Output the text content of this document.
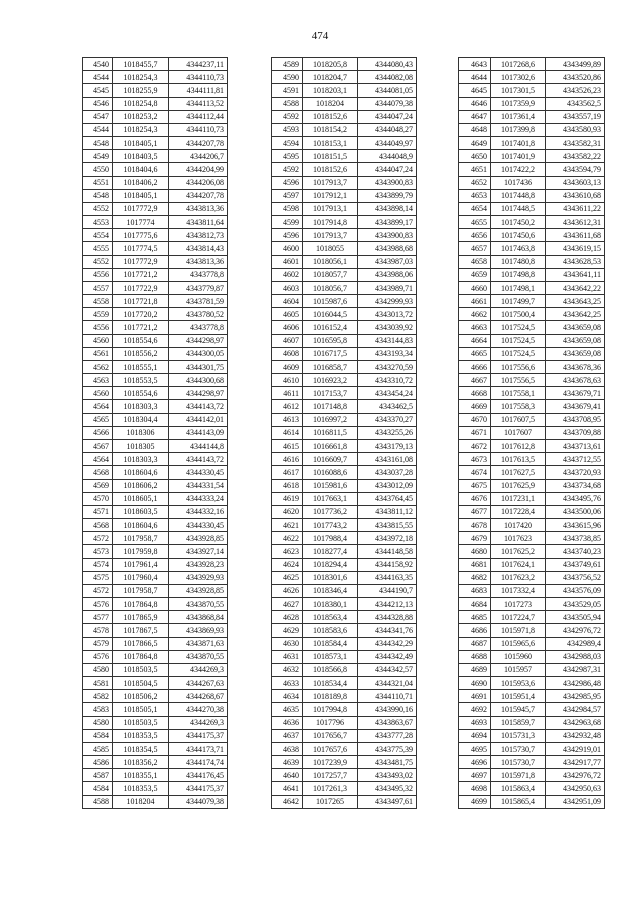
474
4540	1018455,7	4344237,11
4544	1018254,3	4344110,73
4545	1018255,9	4344111,81
4546	1018254,8	4344113,52
4547	1018253,2	4344112,44
4544	1018254,3	4344110,73
4548	1018405,1	4344207,78
4549	1018403,5	4344206,7
4550	1018404,6	4344204,99
4551	1018406,2	4344206,08
4548	1018405,1	4344207,78
4552	1017772,9	4343813,36
4553	1017774	4343811,64
4554	1017775,6	4343812,73
4555	1017774,5	4343814,43
4552	1017772,9	4343813,36
4556	1017721,2	4343778,8
4557	1017722,9	4343779,87
4558	1017721,8	4343781,59
4559	1017720,2	4343780,52
4556	1017721,2	4343778,8
4560	1018554,6	4344298,97
4561	1018556,2	4344300,05
4562	1018555,1	4344301,75
4563	1018553,5	4344300,68
4560	1018554,6	4344298,97
4564	1018303,3	4344143,72
4565	1018304,4	4344142,01
4566	1018306	4344143,09
4567	1018305	4344144,8
4564	1018303,3	4344143,72
4568	1018604,6	4344330,45
4569	1018606,2	4344331,54
4570	1018605,1	4344333,24
4571	1018603,5	4344332,16
4568	1018604,6	4344330,45
4572	1017958,7	4343928,85
4573	1017959,8	4343927,14
4574	1017961,4	4343928,23
4575	1017960,4	4343929,93
4572	1017958,7	4343928,85
4576	1017864,8	4343870,55
4577	1017865,9	4343868,84
4578	1017867,5	4343869,93
4579	1017866,5	4343871,63
4576	1017864,8	4343870,55
4580	1018503,5	4344269,3
4581	1018504,5	4344267,63
4582	1018506,2	4344268,67
4583	1018505,1	4344270,38
4580	1018503,5	4344269,3
4584	1018353,5	4344175,37
4585	1018354,5	4344173,71
4586	1018356,2	4344174,74
4587	1018355,1	4344176,45
4584	1018353,5	4344175,37
4588	1018204	4344079,38
4589	1018205,8	4344080,43
4590	1018204,7	4344082,08
4591	1018203,1	4344081,05
4588	1018204	4344079,38
4592	1018152,6	4344047,24
4593	1018154,2	4344048,27
4594	1018153,1	4344049,97
4595	1018151,5	4344048,9
4592	1018152,6	4344047,24
4596	1017913,7	4343900,83
4597	1017912,1	4343899,79
4598	1017913,1	4343898,14
4599	1017914,8	4343899,17
4596	1017913,7	4343900,83
4600	1018055	4343988,68
4601	1018056,1	4343987,03
4602	1018057,7	4343988,06
4603	1018056,7	4343989,71
4604	1015987,6	4342999,93
4605	1016044,5	4343013,72
4606	1016152,4	4343039,92
4607	1016595,8	4343144,83
4608	1016717,5	4343193,34
4609	1016858,7	4343270,59
4610	1016923,2	4343310,72
4611	1017153,7	4343454,24
4612	1017148,8	4343462,5
4613	1016997,2	4343370,27
4614	1016811,5	4343255,26
4615	1016661,8	4343179,13
4616	1016609,7	4343161,08
4617	1016088,6	4343037,28
4618	1015981,6	4343012,09
4619	1017663,1	4343764,45
4620	1017736,2	4343811,12
4621	1017743,2	4343815,55
4622	1017988,4	4343972,18
4623	1018277,4	4344148,58
4624	1018294,4	4344158,92
4625	1018301,6	4344163,35
4626	1018346,4	4344190,7
4627	1018380,1	4344212,13
4628	1018563,4	4344328,88
4629	1018583,6	4344341,76
4630	1018584,4	4344342,29
4631	1018573,1	4344342,49
4632	1018566,8	4344342,57
4633	1018534,4	4344321,04
4634	1018189,8	4344110,71
4635	1017994,8	4343990,16
4636	1017796	4343863,67
4637	1017656,7	4343777,28
4638	1017657,6	4343775,39
4639	1017239,9	4343481,75
4640	1017257,7	4343493,02
4641	1017261,3	4343495,32
4642	1017265	4343497,61
4643	1017268,6	4343499,89
4644	1017302,6	4343520,86
4645	1017301,5	4343526,23
4646	1017359,9	4343562,5
4647	1017361,4	4343557,19
4648	1017399,8	4343580,93
4649	1017401,8	4343582,31
4650	1017401,9	4343582,22
4651	1017422,2	4343594,79
4652	1017436	4343603,13
4653	1017448,8	4343610,68
4654	1017448,5	4343611,22
4655	1017450,2	4343612,31
4656	1017450,6	4343611,68
4657	1017463,8	4343619,15
4658	1017480,8	4343628,53
4659	1017498,8	4343641,11
4660	1017498,1	4343642,22
4661	1017499,7	4343643,25
4662	1017500,4	4343642,25
4663	1017524,5	4343659,08
4664	1017524,5	4343659,08
4665	1017524,5	4343659,08
4666	1017556,6	4343678,36
4667	1017556,5	4343678,63
4668	1017558,1	4343679,71
4669	1017558,3	4343679,41
4670	1017607,5	4343708,95
4671	1017607	4343709,88
4672	1017612,8	4343713,61
4673	1017613,5	4343712,55
4674	1017627,5	4343720,93
4675	1017625,9	4343734,68
4676	1017231,1	4343495,76
4677	1017228,4	4343500,06
4678	1017420	4343615,96
4679	1017623	4343738,85
4680	1017625,2	4343740,23
4681	1017624,1	4343749,61
4682	1017623,2	4343756,52
4683	1017332,4	4343576,09
4684	1017273	4343529,05
4685	1017224,7	4343505,94
4686	1015971,8	4342976,72
4687	1015965,6	4342989,4
4688	1015960	4342988,03
4689	1015957	4342987,31
4690	1015953,6	4342986,48
4691	1015951,4	4342985,95
4692	1015945,7	4342984,57
4693	1015859,7	4342963,68
4694	1015731,3	4342932,48
4695	1015730,7	4342919,01
4696	1015730,7	4342917,77
4697	1015971,8	4342976,72
4698	1015863,4	4342950,63
4699	1015865,4	4342951,09
